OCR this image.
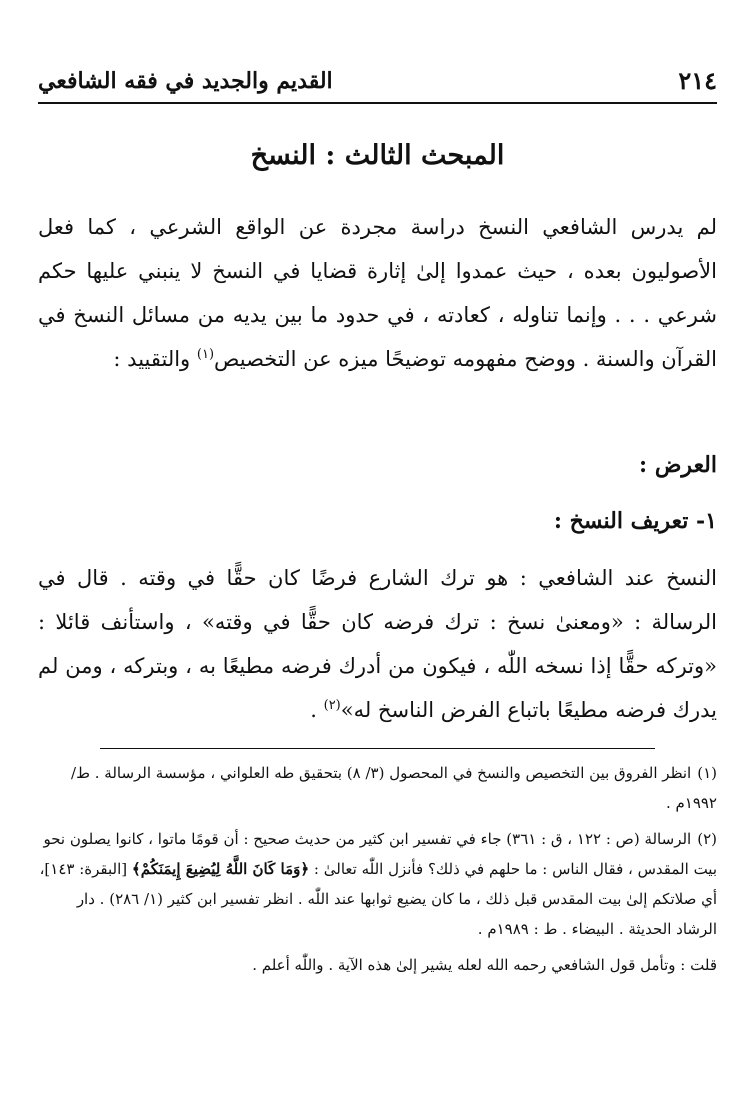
٢١٤
القديم والجديد في فقه الشافعي
المبحث الثالث : النسخ

لم يدرس الشافعي النسخ دراسة مجردة عن الواقع الشرعي ، كما فعل الأصوليون بعده ، حيث عمدوا إلىٰ إثارة قضايا في النسخ لا ينبني عليها حكم شرعي . . . وإنما تناوله ، كعادته ، في حدود ما بين يديه من مسائل النسخ في القرآن والسنة . ووضح مفهومه توضيحًا ميزه عن التخصيص$^{(١)}$ والتقييد :

العرض :
١- تعريف النسخ :

النسخ عند الشافعي : هو ترك الشارع فرضًا كان حقًّا في وقته . قال في الرسالة : «ومعنىٰ نسخ : ترك فرضه كان حقًّا في وقته» ، واستأنف قائلا : «وتركه حقًّا إذا نسخه اللّٰه ، فيكون من أدرك فرضه مطيعًا به ، وبتركه ، ومن لم يدرك فرضه مطيعًا باتباع الفرض الناسخ له»$^{(٢)}$ .

(١)انظر الفروق بين التخصيص والنسخ في المحصول (٣/ ٨) بتحقيق طه العلواني ، مؤسسة الرسالة . ط/ ١٩٩٢م .

(٢)الرسالة (ص : ١٢٢ ، ق : ٣٦١) جاء في تفسير ابن كثير من حديث صحيح : أن قومًا ماتوا ، كانوا يصلون نحو بيت المقدس ، فقال الناس : ما حلهم في ذلك؟ فأنزل اللّٰه تعالىٰ : ﴿وَمَا كَانَ اللَّهُ لِيُضِيعَ إِيمَنَكُمْ﴾ [البقرة: ١٤٣]، أي صلاتكم إلىٰ بيت المقدس قبل ذلك ، ما كان يضيع ثوابها عند اللّٰه . انظر تفسير ابن كثير (١/ ٢٨٦) . دار الرشاد الحديثة . البيضاء . ط : ١٩٨٩م .

قلت : وتأمل قول الشافعي رحمه الله لعله يشير إلىٰ هذه الآية . واللّٰه أعلم .
